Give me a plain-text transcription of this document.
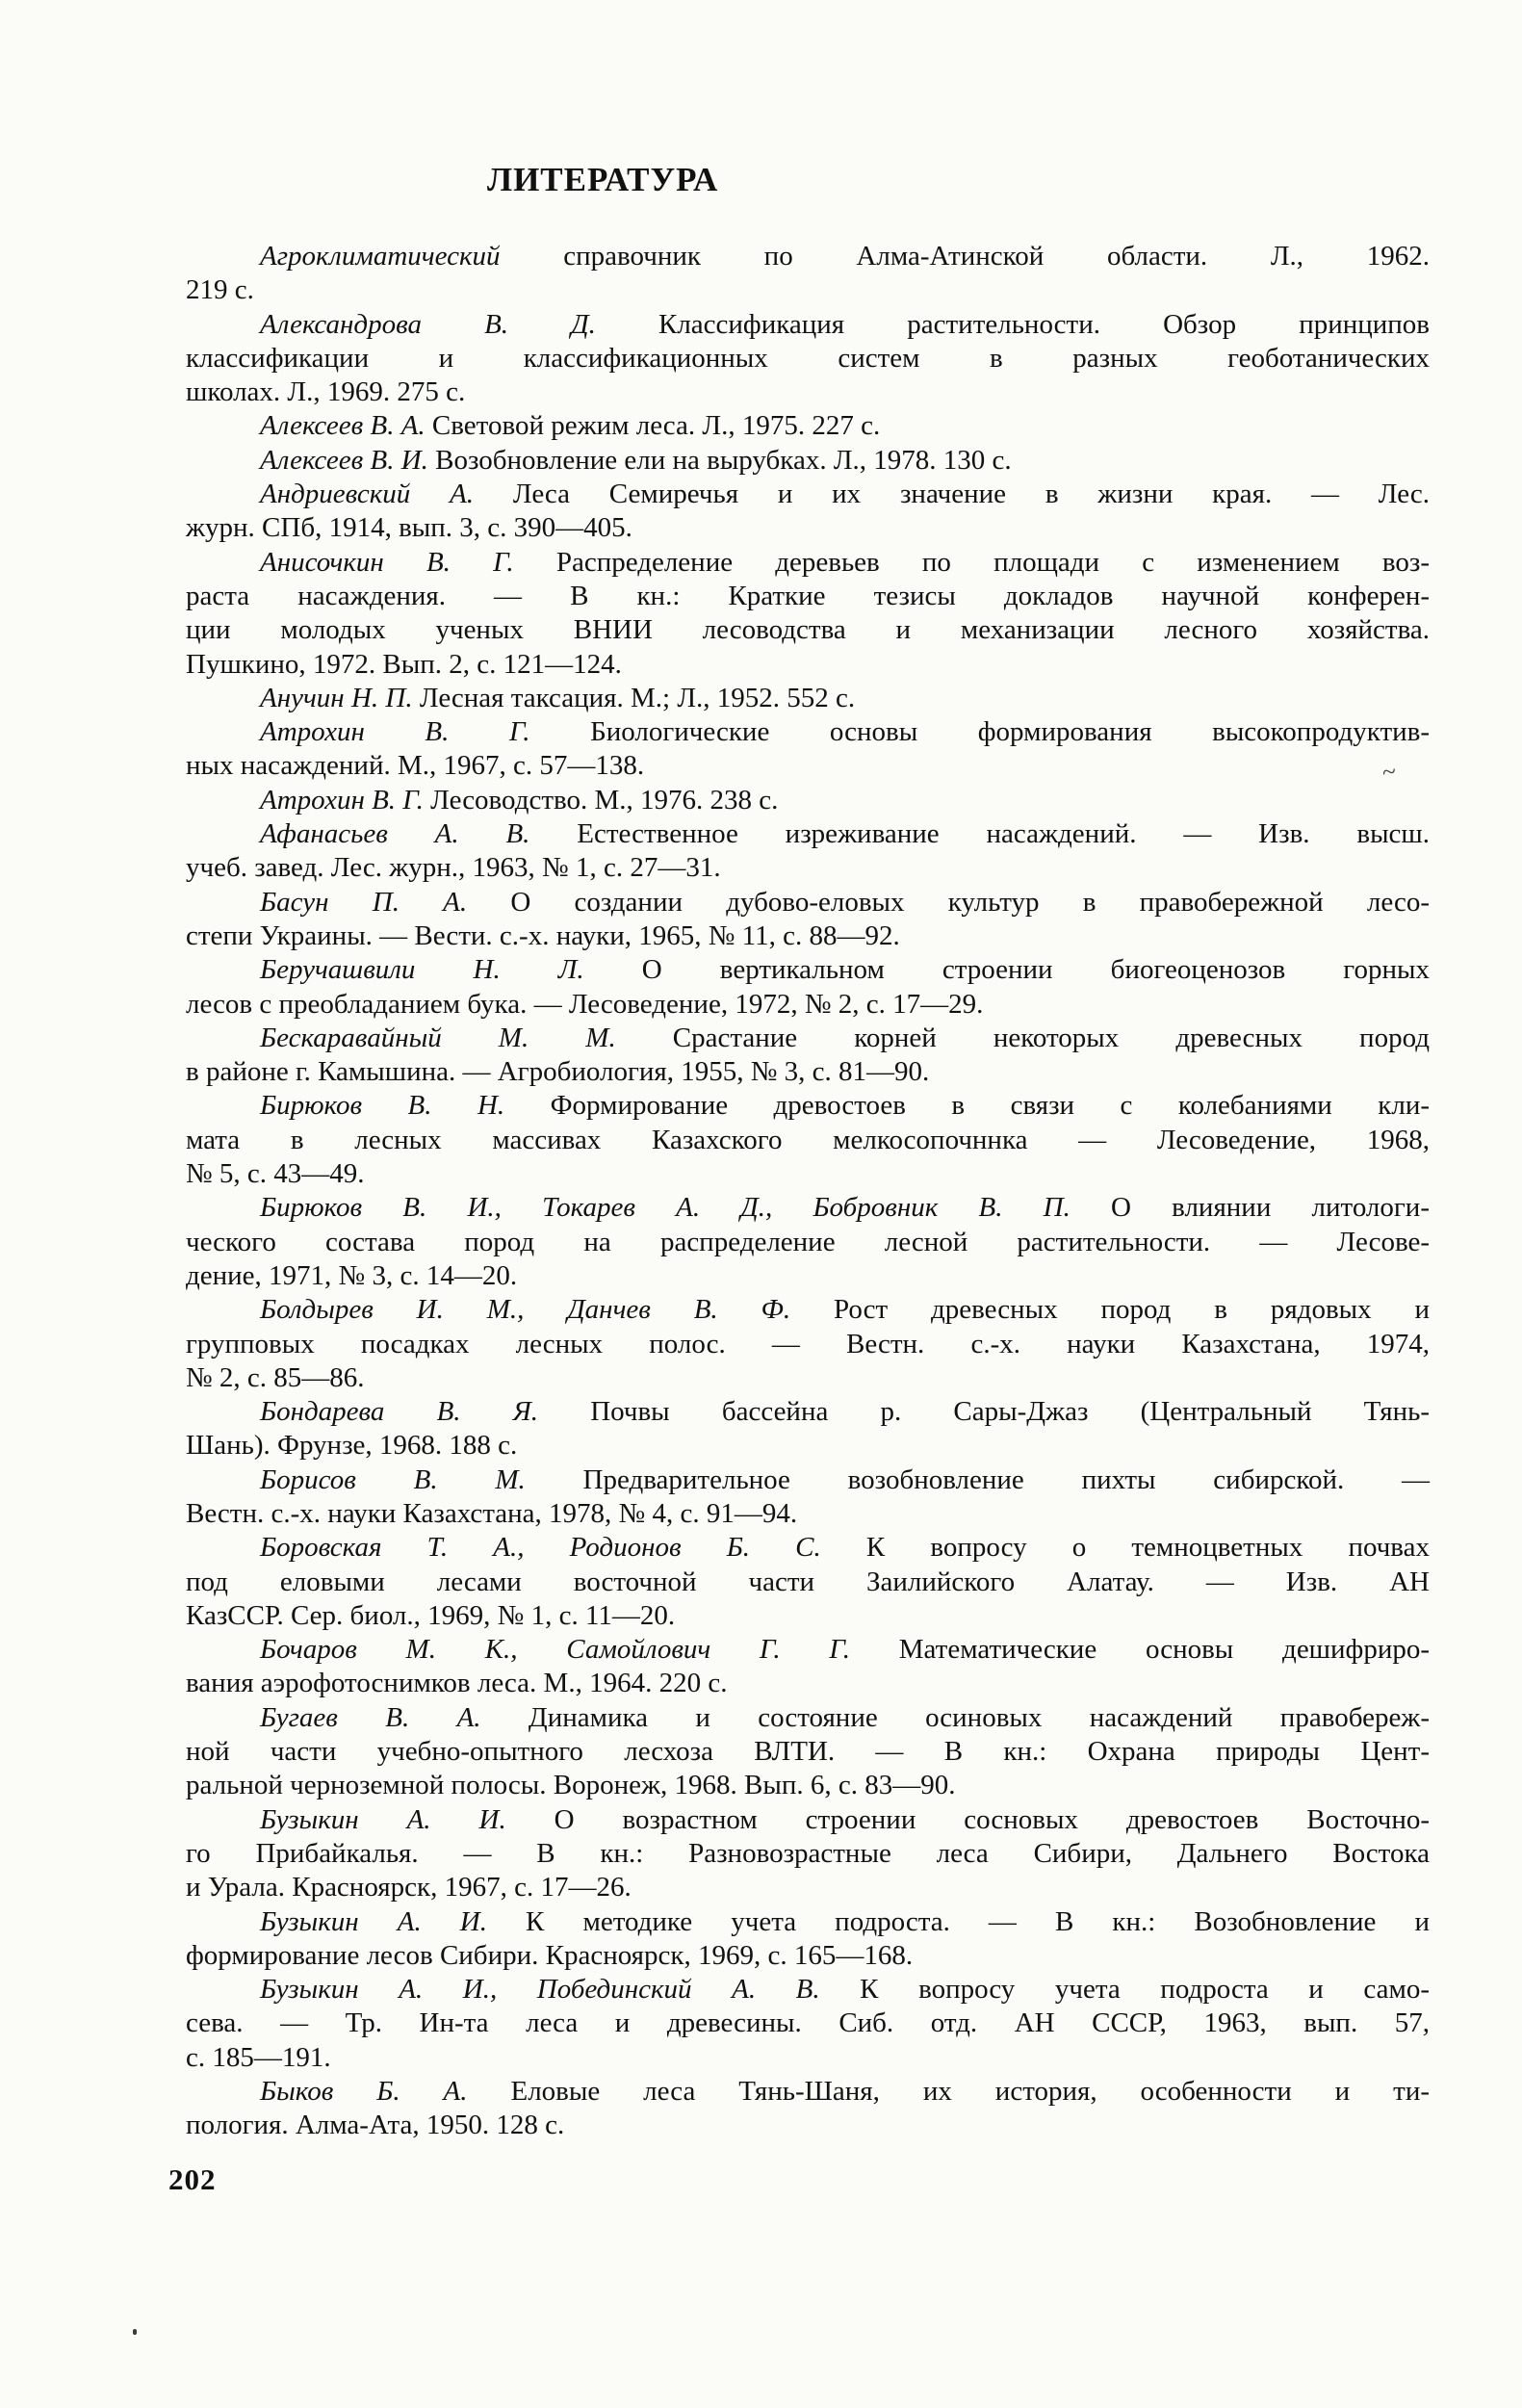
ЛИТЕРАТУРА

Агроклиматический справочник по Алма-Атинской области. Л., 1962.
219 с.

Александрова В. Д. Классификация растительности. Обзор принципов
классификации и классификационных систем в разных геоботанических
школах. Л., 1969. 275 с.

Алексеев В. А. Световой режим леса. Л., 1975. 227 с.

Алексеев В. И. Возобновление ели на вырубках. Л., 1978. 130 с.

Андриевский А. Леса Семиречья и их значение в жизни края. — Лес.
журн. СПб, 1914, вып. 3, с. 390—405.

Анисочкин В. Г. Распределение деревьев по площади с изменением воз-
раста насаждения. — В кн.: Краткие тезисы докладов научной конферен-
ции молодых ученых ВНИИ лесоводства и механизации лесного хозяйства.
Пушкино, 1972. Вып. 2, с. 121—124.

Анучин Н. П. Лесная таксация. М.; Л., 1952. 552 с.

Атрохин В. Г. Биологические основы формирования высокопродуктив-
ных насаждений. М., 1967, с. 57—138.

Атрохин В. Г. Лесоводство. М., 1976. 238 с.

Афанасьев А. В. Естественное изреживание насаждений. — Изв. высш.
учеб. завед. Лес. журн., 1963, № 1, с. 27—31.

Басун П. А. О создании дубово-еловых культур в правобережной лесо-
степи Украины. — Вести. с.-х. науки, 1965, № 11, с. 88—92.

Беручашвили Н. Л. О вертикальном строении биогеоценозов горных
лесов с преобладанием бука. — Лесоведение, 1972, № 2, с. 17—29.

Бескаравайный М. М. Срастание корней некоторых древесных пород
в районе г. Камышина. — Агробиология, 1955, № 3, с. 81—90.

Бирюков В. Н. Формирование древостоев в связи с колебаниями кли-
мата в лесных массивах Казахского мелкосопочннка — Лесоведение, 1968,
№ 5, с. 43—49.

Бирюков В. И., Токарев А. Д., Бобровник В. П. О влиянии литологи-
ческого состава пород на распределение лесной растительности. — Лесове-
дение, 1971, № 3, с. 14—20.

Болдырев И. М., Данчев В. Ф. Рост древесных пород в рядовых и
групповых посадках лесных полос. — Вестн. с.-х. науки Казахстана, 1974,
№ 2, с. 85—86.

Бондарева В. Я. Почвы бассейна р. Сары-Джаз (Центральный Тянь-
Шань). Фрунзе, 1968. 188 с.

Борисов В. М. Предварительное возобновление пихты сибирской. —
Вестн. с.-х. науки Казахстана, 1978, № 4, с. 91—94.

Боровская Т. А., Родионов Б. С. К вопросу о темноцветных почвах
под еловыми лесами восточной части Заилийского Алатау. — Изв. АН
КазССР. Сер. биол., 1969, № 1, с. 11—20.

Бочаров М. К., Самойлович Г. Г. Математические основы дешифриро-
вания аэрофотоснимков леса. М., 1964. 220 с.

Бугаев В. А. Динамика и состояние осиновых насаждений правобереж-
ной части учебно-опытного лесхоза ВЛТИ. — В кн.: Охрана природы Цент-
ральной черноземной полосы. Воронеж, 1968. Вып. 6, с. 83—90.

Бузыкин А. И. О возрастном строении сосновых древостоев Восточно-
го Прибайкалья. — В кн.: Разновозрастные леса Сибири, Дальнего Востока
и Урала. Красноярск, 1967, с. 17—26.

Бузыкин А. И. К методике учета подроста. — В кн.: Возобновление и
формирование лесов Сибири. Красноярск, 1969, с. 165—168.

Бузыкин А. И., Побединский А. В. К вопросу учета подроста и само-
сева. — Тр. Ин-та леса и древесины. Сиб. отд. АН СССР, 1963, вып. 57,
с. 185—191.

Быков Б. А. Еловые леса Тянь-Шаня, их история, особенности и ти-
пология. Алма-Ата, 1950. 128 с.

202
~
